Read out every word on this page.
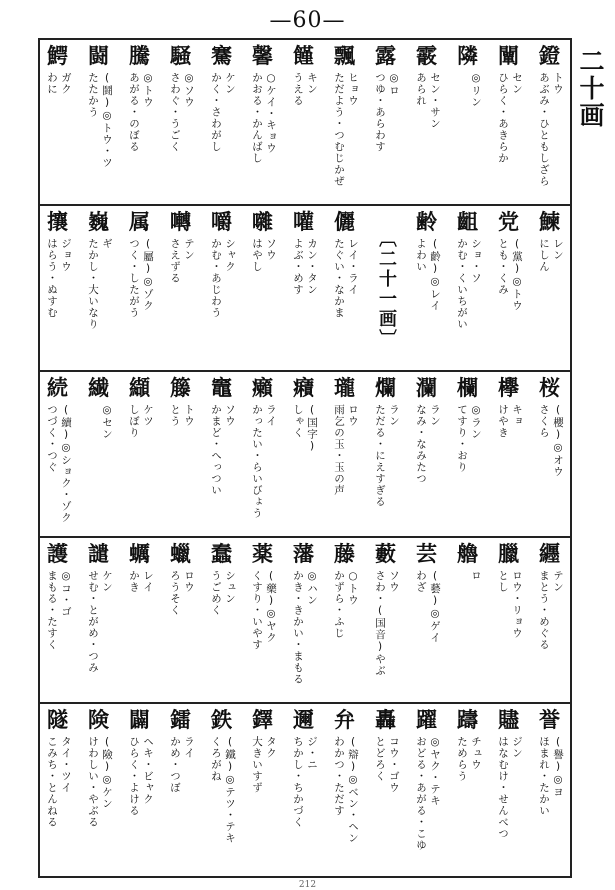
—60—
二十画
鐙
トウ
あぶみ・ひともしざら
闡
セン
ひらく・あきらか
隣
◎リン
霰
セン・サン
あられ
露
◎ロ
つゆ・あらわす
飄
ヒョウ
ただよう・つむじかぜ
饉
キン
うえる
馨
○ケイ・キョウ
かおる・かんばし
騫
ケン
かく・さわがし
騒
◎ソウ
さわぐ・うごく
騰
◎トウ
あがる・のぼる
闘
(鬪)◎トウ・ツ
たたかう
鰐
ガク
わに
鰊
レン
にしん
党
(黨)◎トウ
とも・くみ
齟
ショ・ソ
かむ・くいちがい
齢
(齡)◎レイ
よわい
〔二十一画〕
儷
レイ・ライ
たぐい・なかま
嚾
カン・タン
よぶ・めす
囃
ソウ
はやし
嚼
シャク
かむ・あじわう
囀
テン
さえずる
属
(屬)◎ゾク
つく・したがう
巍
ギ
たかし・大いなり
攘
ジョウ
はらう・ぬすむ
桜
(櫻)◎オウ
さくら
欅
キョ
けやき
欄
◎ラン
てすり・おり
瀾
ラン
なみ・なみたつ
爛
ラン
ただる・にえすぎる
瓏
ロウ
雨乞の玉・玉の声
癪
(国字)
しゃく
癩
ライ
かったい・らいびょう
竈
ソウ
かまど・へっつい
籐
トウ
とう
纈
ケツ
しぼり
繊
◎セン
続
(續)◎ショク・ゾク
つづく・つぐ
纒
テン
まとう・めぐる
臘
ロウ・リョウ
とし
艪
ロ
芸
(藝)◎ゲイ
わざ
藪
ソウ
さわ・(国音)やぶ
藤
○トウ
かずら・ふじ
藩
◎ハン
かき・きかい・まもる
薬
(藥)◎ヤク
くすり・いやす
蠢
シュン
うごめく
蠟
ロウ
ろうそく
蠣
レイ
かき
譴
ケン
せむ・とがめ・つみ
護
◎コ・ゴ
まもる・たすく
誉
(譽)◎ヨ
ほまれ・たかい
贐
ジン
はなむけ・せんべつ
躊
チュウ
ためらう
躍
◎ヤク・テキ
おどる・あがる・こゆ
轟
コウ・ゴウ
とどろく
弁
(辯)◎ベン・ヘン
わかつ・ただす
邇
ジ・ニ
ちかし・ちかづく
鐸
タク
大きいすず
鉄
(鐵)◎テツ・テキ
くろがね
鐳
ライ
かめ・つぼ
闢
ヘキ・ビャク
ひらく・よける
険
(險)◎ケン
けわしい・やぶる
隧
タイ・ツイ
こみち・とんねる
212
